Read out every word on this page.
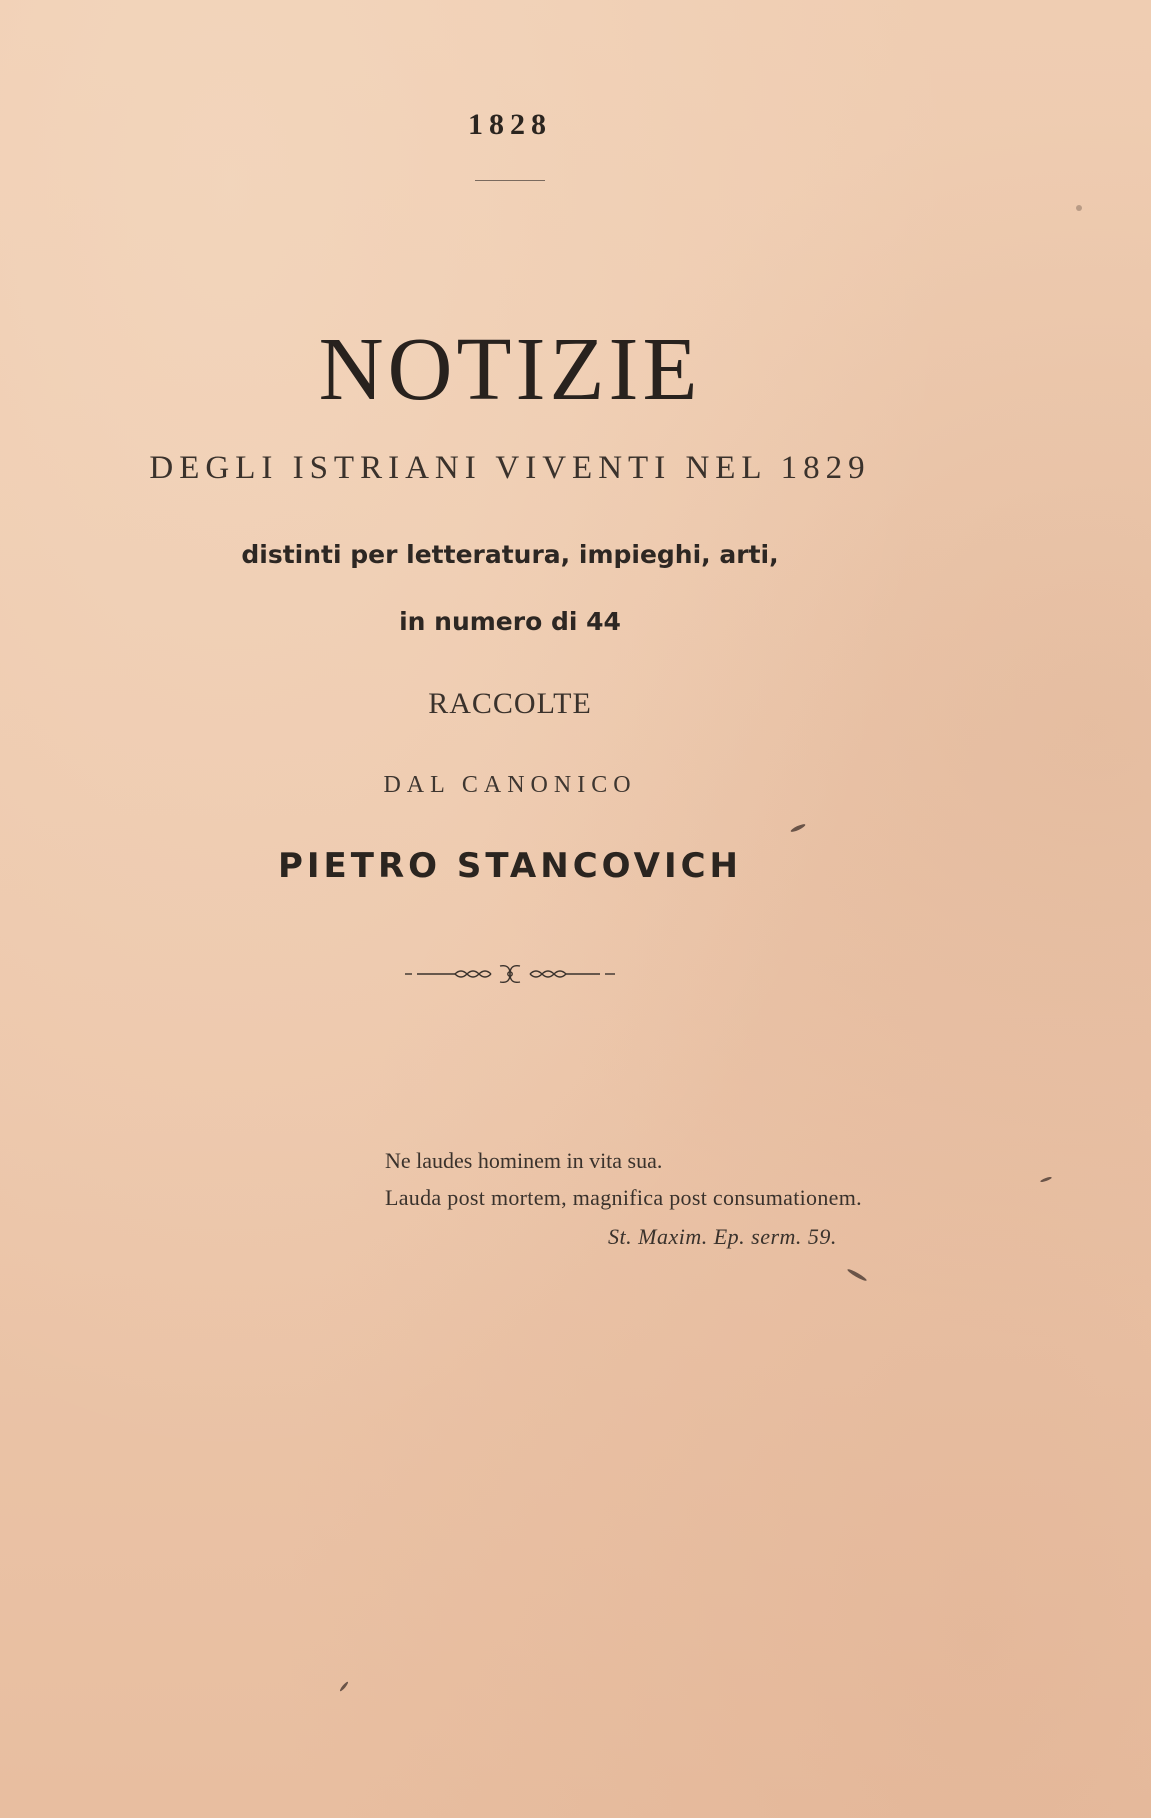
1828
NOTIZIE
DEGLI ISTRIANI VIVENTI NEL 1829
distinti per letteratura, impieghi, arti,
in numero di 44
RACCOLTE
DAL CANONICO
PIETRO STANCOVICH
Ne laudes hominem in vita sua.
Lauda post mortem, magnifica post consumationem.
St. Maxim. Ep. serm. 59.
